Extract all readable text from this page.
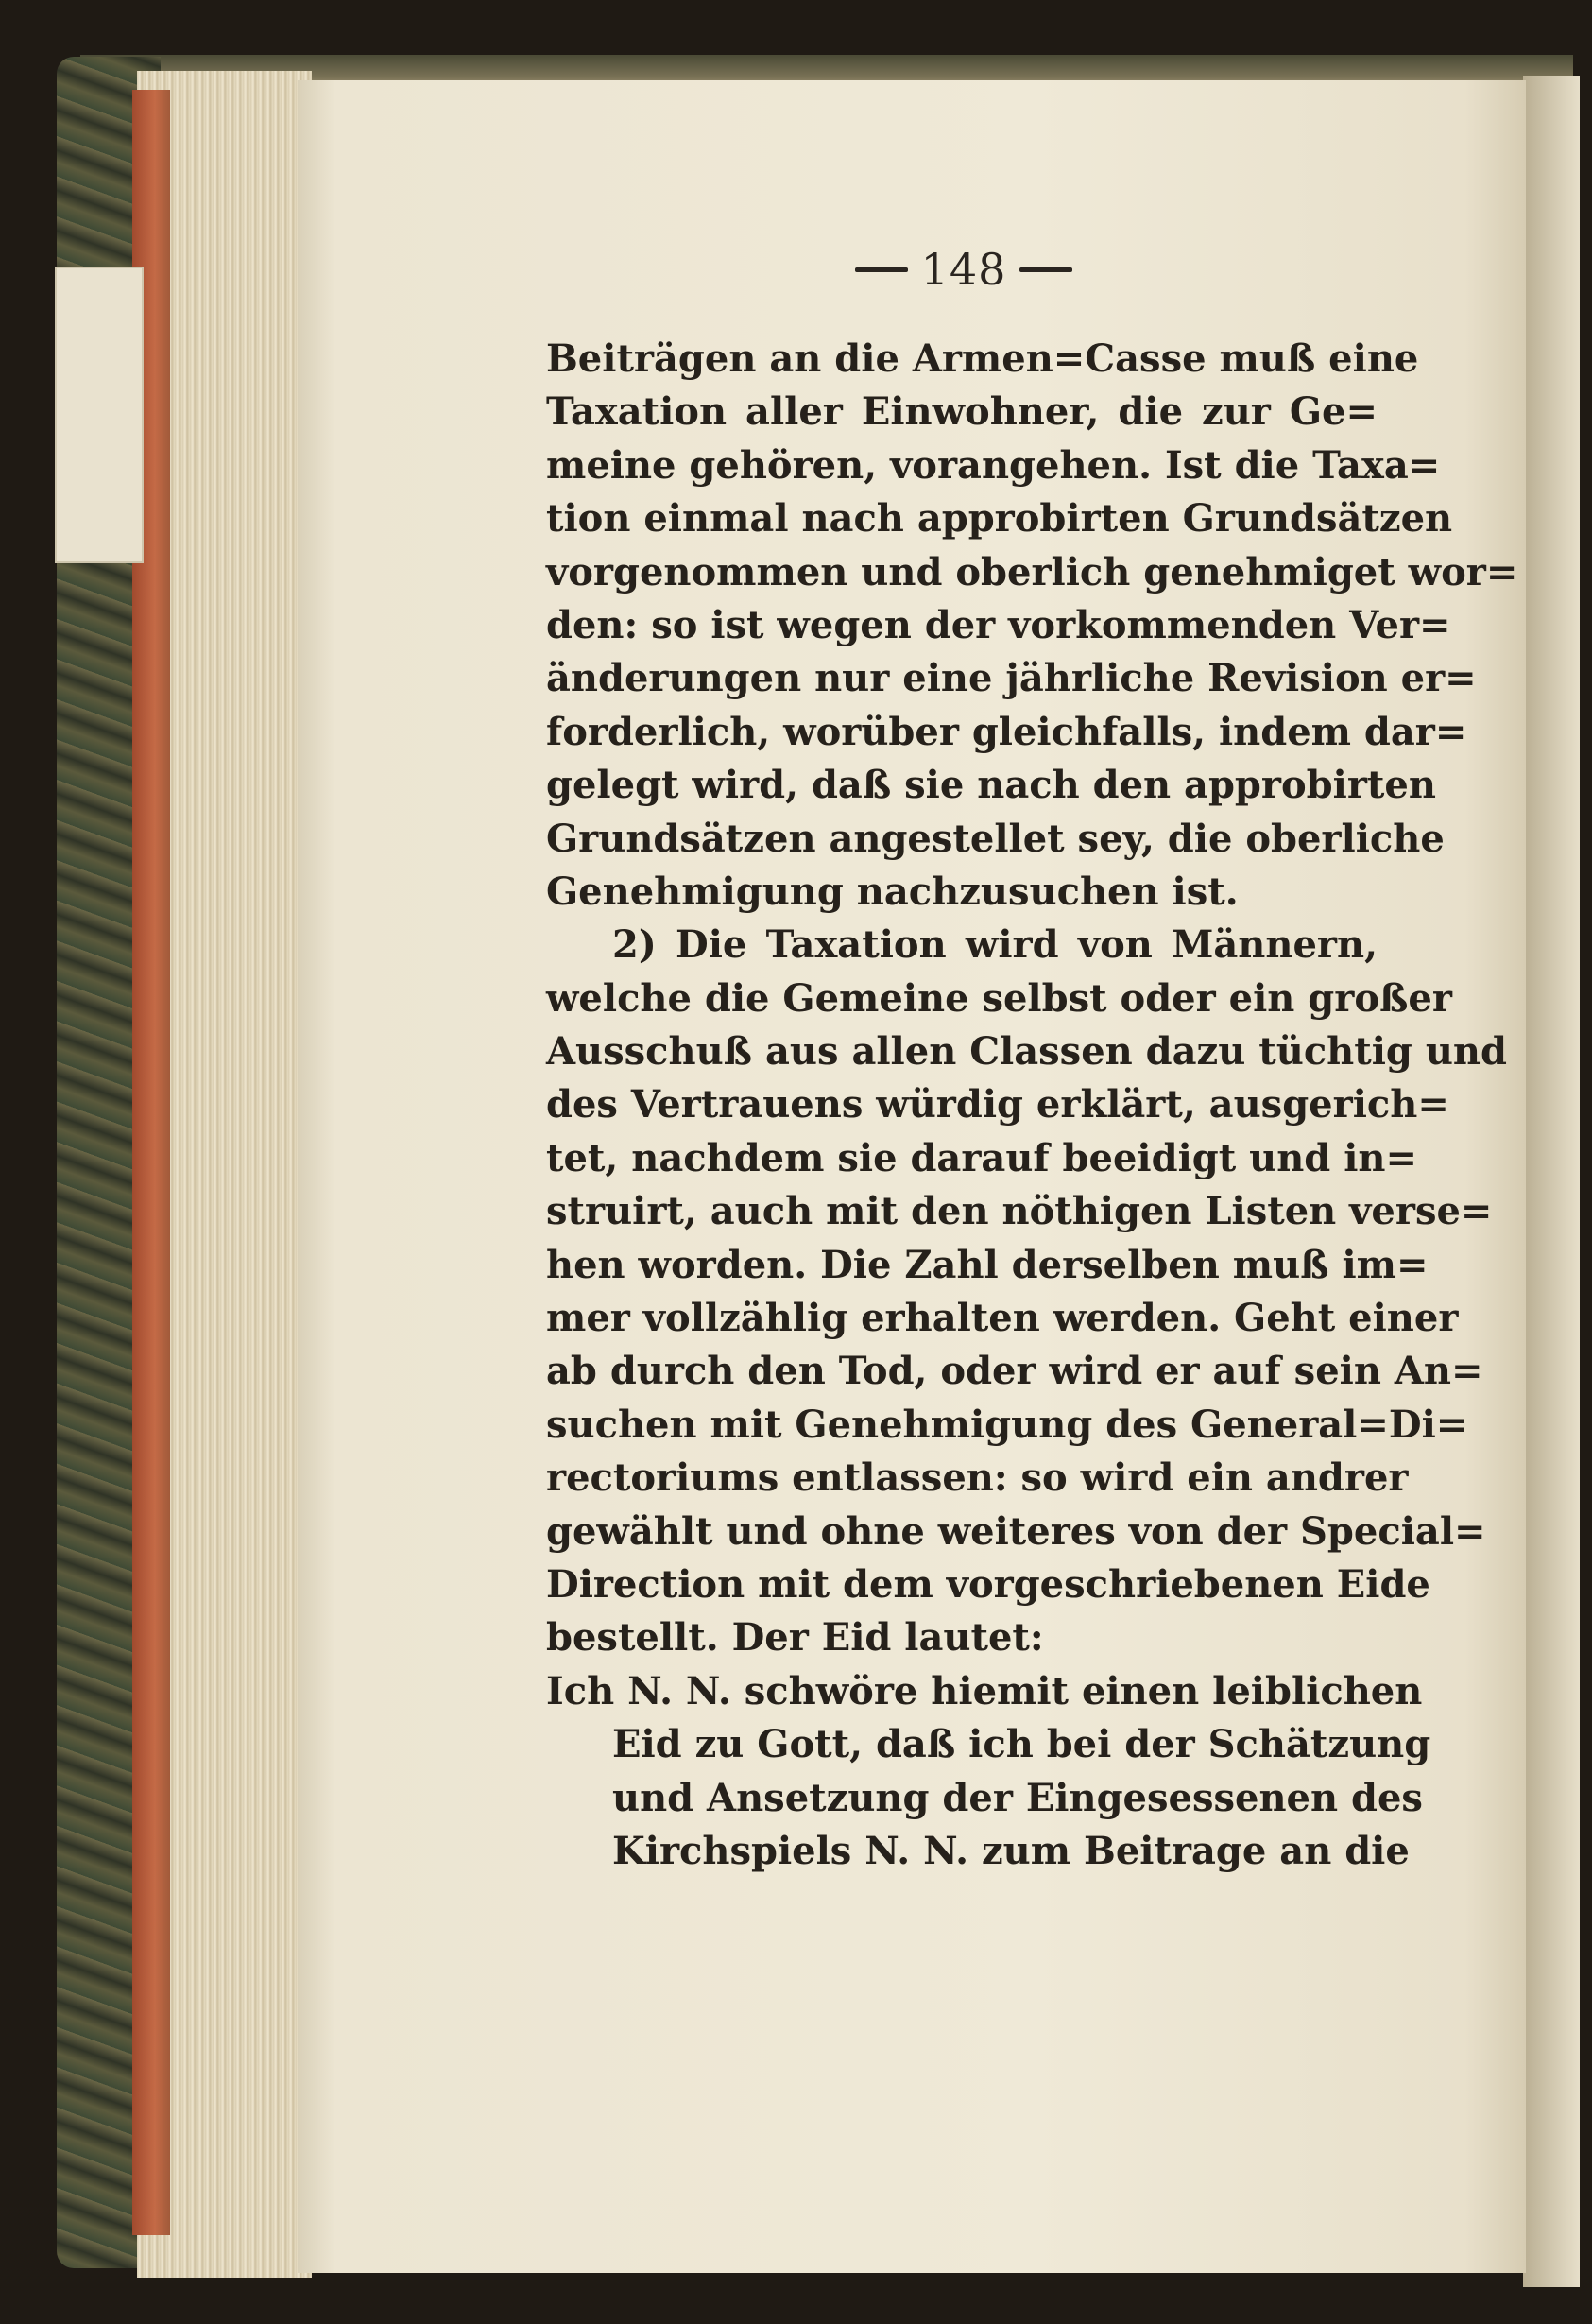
148
Beiträgen an die Armen=Casse muß eine
Taxation aller Einwohner, die zur Ge=
meine gehören, vorangehen. Ist die Taxa=
tion einmal nach approbirten Grundsätzen
vorgenommen und oberlich genehmiget wor=
den: so ist wegen der vorkommenden Ver=
änderungen nur eine jährliche Revision er=
forderlich, worüber gleichfalls, indem dar=
gelegt wird, daß sie nach den approbirten
Grundsätzen angestellet sey, die oberliche
Genehmigung nachzusuchen ist.
2) Die Taxation wird von Männern,
welche die Gemeine selbst oder ein großer
Ausschuß aus allen Classen dazu tüchtig und
des Vertrauens würdig erklärt, ausgerich=
tet, nachdem sie darauf beeidigt und in=
struirt, auch mit den nöthigen Listen verse=
hen worden. Die Zahl derselben muß im=
mer vollzählig erhalten werden. Geht einer
ab durch den Tod, oder wird er auf sein An=
suchen mit Genehmigung des General=Di=
rectoriums entlassen: so wird ein andrer
gewählt und ohne weiteres von der Special=
Direction mit dem vorgeschriebenen Eide
bestellt. Der Eid lautet:
Ich N. N. schwöre hiemit einen leiblichen
Eid zu Gott, daß ich bei der Schätzung
und Ansetzung der Eingesessenen des
Kirchspiels N. N. zum Beitrage an die
